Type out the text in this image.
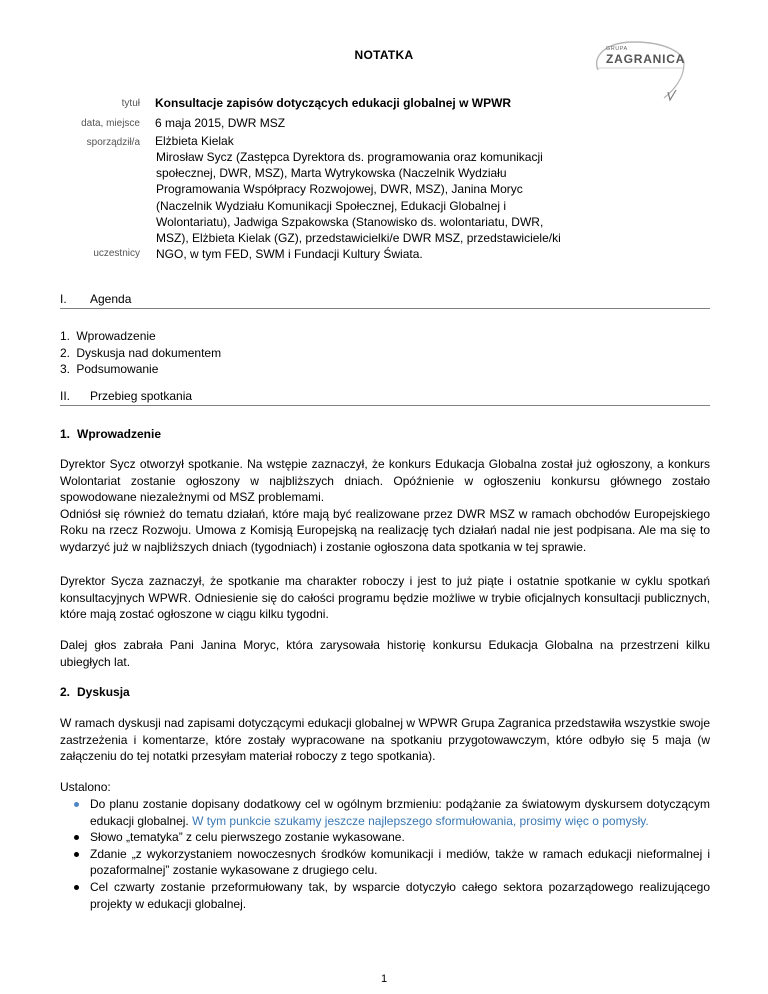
NOTATKA	GRUPA
ZAGRANICA
tytuł Konsultacje zapisów dotyczących edukacji globalnej w WPWR
data, miejsce 6 maja 2015, DWR MSZ
sporządził/a Elżbieta Kielak
uczestnicy
Mirosław Sycz (Zastępca Dyrektora ds. programowania oraz komunikacji
społecznej, DWR, MSZ), Marta Wytrykowska (Naczelnik Wydziału
Programowania Współpracy Rozwojowej, DWR, MSZ), Janina Moryc
(Naczelnik Wydziału Komunikacji Społecznej, Edukacji Globalnej i
Wolontariatu), Jadwiga Szpakowska (Stanowisko ds. wolontariatu, DWR,
MSZ), Elżbieta Kielak (GZ), przedstawicielki/e DWR MSZ, przedstawiciele/ki
NGO, w tym FED, SWM i Fundacji Kultury Świata.
I. Agenda
1. Wprowadzenie
2. Dyskusja nad dokumentem
3. Podsumowanie
II. Przebieg spotkania
1. Wprowadzenie

Dyrektor Sycz otworzył spotkanie. Na wstępie zaznaczył, że konkurs Edukacja Globalna został już ogłoszony, a konkurs Wolontariat zostanie ogłoszony w najbliższych dniach. Opóźnienie w ogłoszeniu konkursu głównego zostało spowodowane niezależnymi od MSZ problemami.

Odniósł się również do tematu działań, które mają być realizowane przez DWR MSZ w ramach obchodów Europejskiego Roku na rzecz Rozwoju. Umowa z Komisją Europejską na realizację tych działań nadal nie jest podpisana. Ale ma się to wydarzyć już w najbliższych dniach (tygodniach) i zostanie ogłoszona data spotkania w tej sprawie.

Dyrektor Sycza zaznaczył, że spotkanie ma charakter roboczy i jest to już piąte i ostatnie spotkanie w cyklu spotkań konsultacyjnych WPWR. Odniesienie się do całości programu będzie możliwe w trybie oficjalnych konsultacji publicznych, które mają zostać ogłoszone w ciągu kilku tygodni.

Dalej głos zabrała Pani Janina Moryc, która zarysowała historię konkursu Edukacja Globalna na przestrzeni kilku ubiegłych lat.

2. Dyskusja

W ramach dyskusji nad zapisami dotyczącymi edukacji globalnej w WPWR Grupa Zagranica przedstawiła wszystkie swoje zastrzeżenia i komentarze, które zostały wypracowane na spotkaniu przygotowawczym, które odbyło się 5 maja (w załączeniu do tej notatki przesyłam materiał roboczy z tego spotkania).

Ustalono:

Do planu zostanie dopisany dodatkowy cel w ogólnym brzmieniu: podążanie za światowym dyskursem dotyczącym edukacji globalnej. W tym punkcie szukamy jeszcze najlepszego sformułowania, prosimy więc o pomysły.
Słowo „tematyka” z celu pierwszego zostanie wykasowane.
Zdanie „z wykorzystaniem nowoczesnych środków komunikacji i mediów, także w ramach edukacji nieformalnej i pozaformalnej” zostanie wykasowane z drugiego celu.
Cel czwarty zostanie przeformułowany tak, by wsparcie dotyczyło całego sektora pozarządowego realizującego projekty w edukacji globalnej.
1
